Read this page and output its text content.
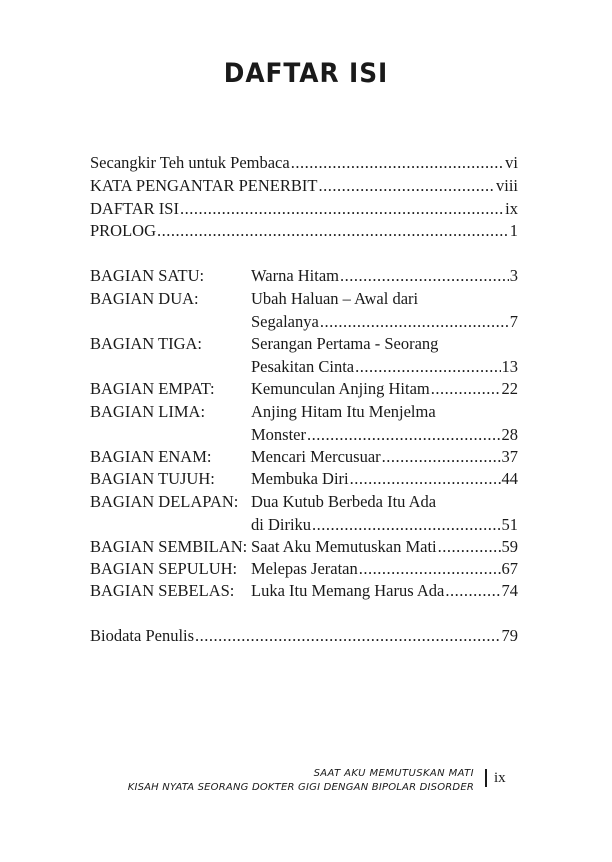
DAFTAR ISI
Secangkir Teh untuk Pembaca .....	vi
KATA PENGANTAR PENERBIT .....	viii
DAFTAR ISI .....	ix
PROLOG .....	1
BAGIAN SATU:	Warna Hitam .....	3
BAGIAN DUA:	Ubah Haluan – Awal dari
Segalanya .....	7
BAGIAN TIGA:	Serangan Pertama - Seorang
Pesakitan Cinta .....	13
BAGIAN EMPAT: Kemunculan Anjing Hitam .....	22
BAGIAN LIMA:	Anjing Hitam Itu Menjelma
Monster .....	28
BAGIAN ENAM: Mencari Mercusuar .....	37
BAGIAN TUJUH: Membuka Diri .....	44
BAGIAN DELAPAN: Dua Kutub Berbeda Itu Ada
di Diriku .....	51
BAGIAN SEMBILAN: Saat Aku Memutuskan Mati .....	59
BAGIAN SEPULUH: Melepas Jeratan .....	67
BAGIAN SEBELAS: Luka Itu Memang Harus Ada .....	74
Biodata Penulis .....	79
SAAT AKU MEMUTUSKAN MATI
KISAH NYATA SEORANG DOKTER GIGI DENGAN BIPOLAR DISORDER
ix
